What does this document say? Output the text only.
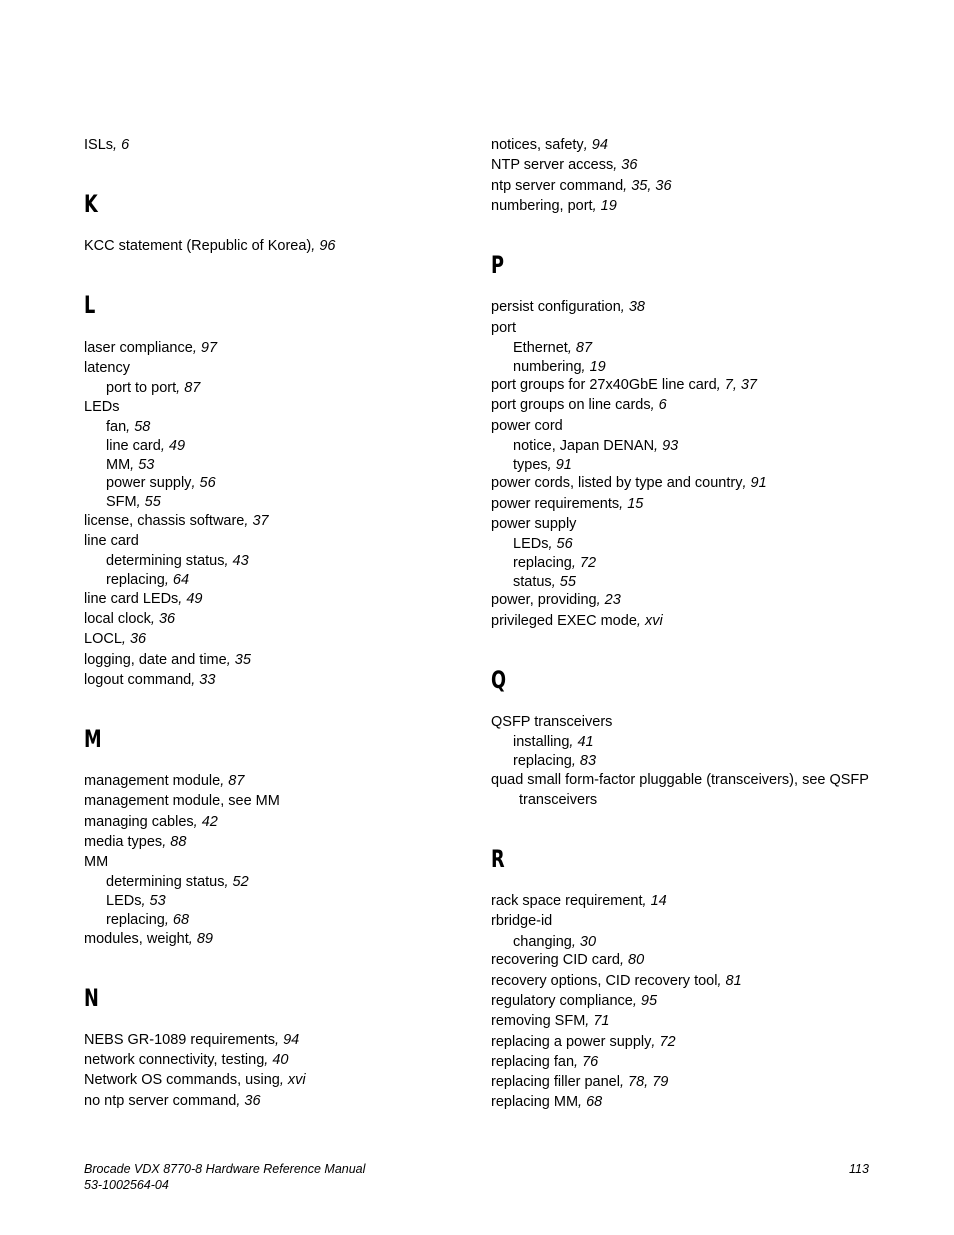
ISLs, 6
K
KCC statement (Republic of Korea), 96
L
laser compliance, 97
latency
port to port, 87
LEDs
fan, 58
line card, 49
MM, 53
power supply, 56
SFM, 55
license, chassis software, 37
line card
determining status, 43
replacing, 64
line card LEDs, 49
local clock, 36
LOCL, 36
logging, date and time, 35
logout command, 33
M
management module, 87
management module, see MM
managing cables, 42
media types, 88
MM
determining status, 52
LEDs, 53
replacing, 68
modules, weight, 89
N
NEBS GR-1089 requirements, 94
network connectivity, testing, 40
Network OS commands, using, xvi
no ntp server command, 36
notices, safety, 94
NTP server access, 36
ntp server command, 35, 36
numbering, port, 19
P
persist configuration, 38
port
Ethernet, 87
numbering, 19
port groups for 27x40GbE line card, 7, 37
port groups on line cards, 6
power cord
notice, Japan DENAN, 93
types, 91
power cords, listed by type and country, 91
power requirements, 15
power supply
LEDs, 56
replacing, 72
status, 55
power, providing, 23
privileged EXEC mode, xvi
Q
QSFP transceivers
installing, 41
replacing, 83
quad small form-factor pluggable (transceivers), see QSFP
transceivers
R
rack space requirement, 14
rbridge-id
changing, 30
recovering CID card, 80
recovery options, CID recovery tool, 81
regulatory compliance, 95
removing SFM, 71
replacing a power supply, 72
replacing fan, 76
replacing filler panel, 78, 79
replacing MM, 68
Brocade VDX 8770-8 Hardware Reference Manual
53-1002564-04
113
